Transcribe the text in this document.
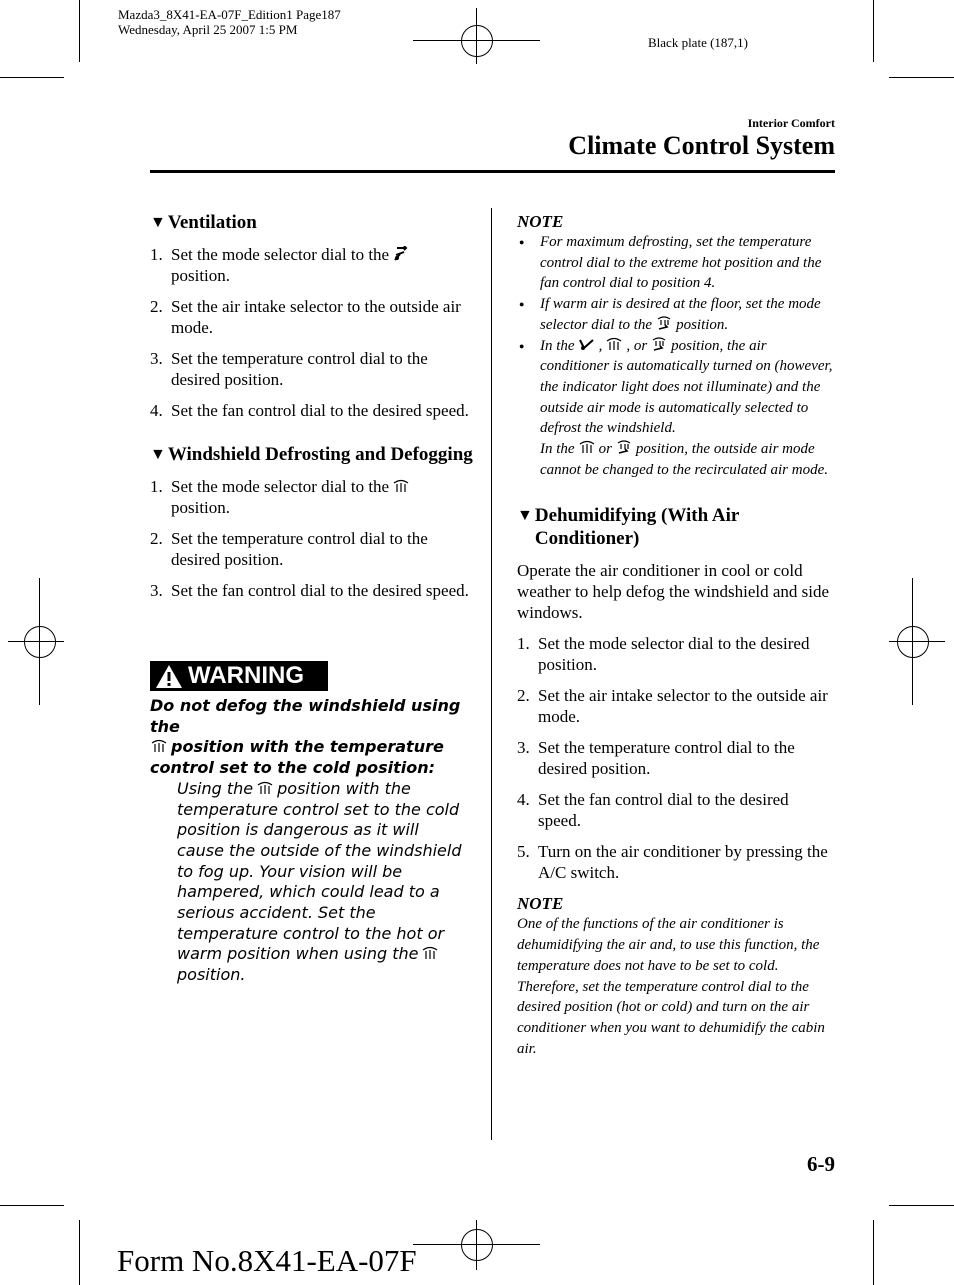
Mazda3_8X41-EA-07F_Edition1 Page187
Wednesday, April 25 2007 1:5 PM
Black plate (187,1)
Interior Comfort
Climate Control System
▼ Ventilation
1. Set the mode selector dial to the
position.
2. Set the air intake selector to the outside air mode.
3. Set the temperature control dial to the desired position.
4. Set the fan control dial to the desired speed.
▼ Windshield Defrosting and Defogging
1. Set the mode selector dial to the
position.
2. Set the temperature control dial to the desired position.
3. Set the fan control dial to the desired speed.
WARNING
Do not defog the windshield using the
position with the temperature control set to the cold position:
Using the position with the temperature control set to the cold position is dangerous as it will cause the outside of the windshield to fog up. Your vision will be hampered, which could lead to a serious accident. Set the temperature control to the hot or warm position when using theposition.
NOTE
●	For maximum defrosting, set the temperature control dial to the extreme hot position and the fan control dial to position 4.
●	If warm air is desired at the floor, set the mode selector dial to the position.
●	In the , , or position, the air conditioner is automatically turned on (however, the indicator light does not illuminate) and the outside air mode is automatically selected to defrost the windshield.
In the or position, the outside air mode cannot be changed to the recirculated air mode.
▼ Dehumidifying (With Air Conditioner)

Operate the air conditioner in cool or cold weather to help defog the windshield and side windows.

1. Set the mode selector dial to the desired position.
2. Set the air intake selector to the outside air mode.
3. Set the temperature control dial to the desired position.
4. Set the fan control dial to the desired speed.
5. Turn on the air conditioner by pressing the A/C switch.
NOTE
One of the functions of the air conditioner is dehumidifying the air and, to use this function, the temperature does not have to be set to cold. Therefore, set the temperature control dial to the desired position (hot or cold) and turn on the air conditioner when you want to dehumidify the cabin air.
6-9
Form No.8X41-EA-07F
